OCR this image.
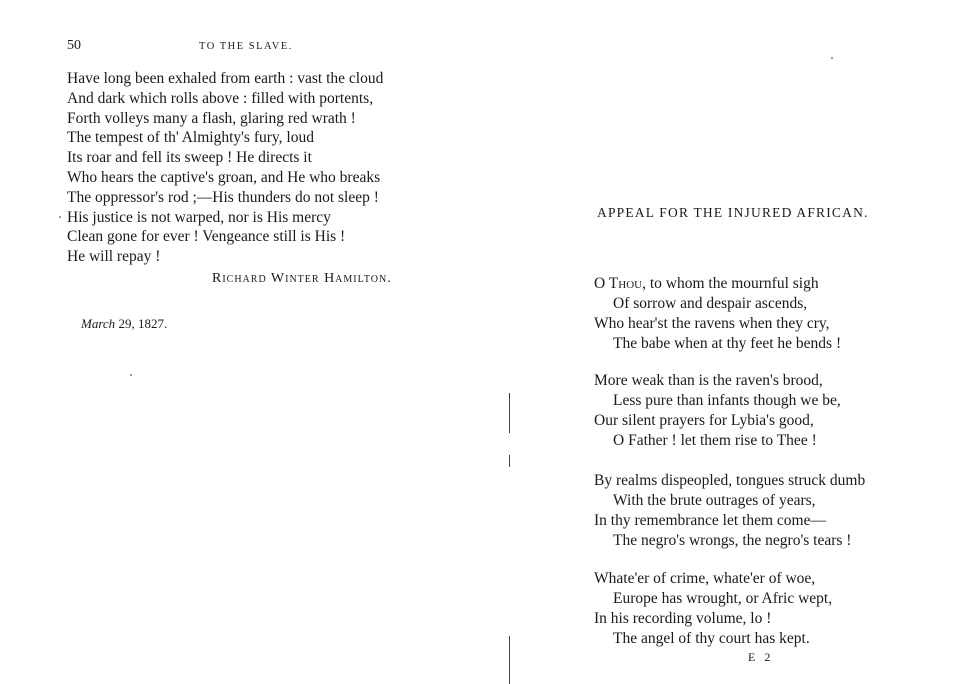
50	TO THE SLAVE.
Have long been exhaled from earth : vast the cloud
And dark which rolls above : filled with portents,
Forth volleys many a flash, glaring red wrath !
The tempest of th' Almighty's fury, loud
Its roar and fell its sweep ! He directs it
Who hears the captive's groan, and He who breaks
The oppressor's rod ;—His thunders do not sleep !
His justice is not warped, nor is His mercy
Clean gone for ever ! Vengeance still is His !
He will repay !
Richard Winter Hamilton.
March 29, 1827.
APPEAL FOR THE INJURED AFRICAN.
O Thou, to whom the mournful sigh
Of sorrow and despair ascends,
Who hear'st the ravens when they cry,
The babe when at thy feet he bends !
More weak than is the raven's brood,
Less pure than infants though we be,
Our silent prayers for Lybia's good,
O Father ! let them rise to Thee !
By realms dispeopled, tongues struck dumb
With the brute outrages of years,
In thy remembrance let them come—
The negro's wrongs, the negro's tears !
Whate'er of crime, whate'er of woe,
Europe has wrought, or Afric wept,
In his recording volume, lo !
The angel of thy court has kept.
E 2
